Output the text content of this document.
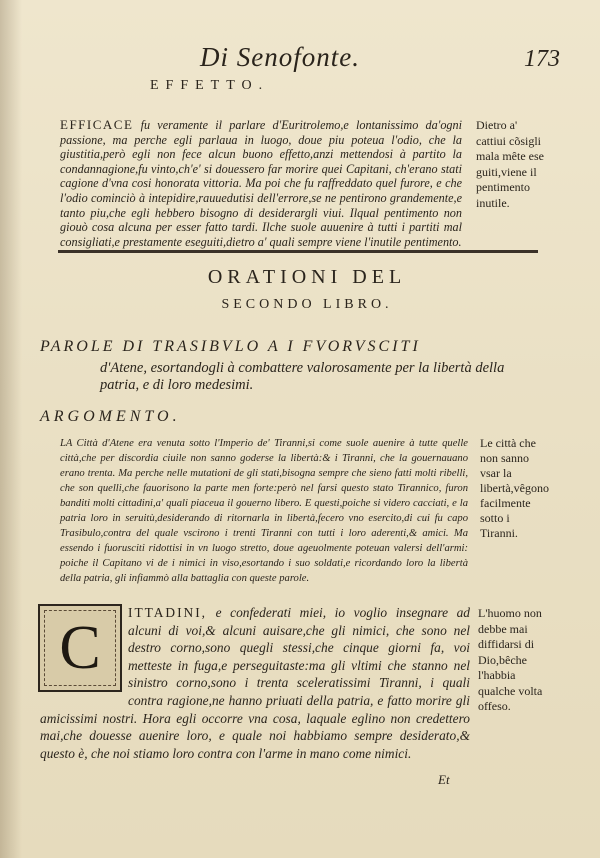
Di Senofonte.	173
EFFETTO.
EFFICACE fu veramente il parlare d'Euritrolemo,e lontanissimo da'ogni passione, ma perche egli parlaua in luogo, doue piu poteua l'odio, che la giustitia,però egli non fece alcun buono effetto,anzi mettendosi à partito la condannagione,fu vinto,ch'e' si douessero far morire quei Capitani, ch'erano stati cagione d'vna cosi honorata vittoria. Ma poi che fu raffreddato quel furore, e che l'odio cominciò à intepidire,rauuedutisi dell'errore,se ne pentirono grandemente,e tanto piu,che egli hebbero bisogno di desiderargli viui. Ilqual pentimento non giouò cosa alcuna per esser fatto tardi. Ilche suole auuenire à tutti i partiti mal consigliati,e prestamente eseguiti,dietro a' quali sempre viene l'inutile pentimento.
Dietro a' cattiui cõsigli mala mête ese guiti,viene il pentimento inutile.
ORATIONI DEL
SECONDO LIBRO.
PAROLE DI TRASIBVLO A I FVORVSCITI
d'Atene, esortandogli à combattere valorosamente per la libertà della patria, e di loro medesimi.
ARGOMENTO.
LA Città d'Atene era venuta sotto l'Imperio de' Tiranni,si come suole auenire à tutte quelle città,che per discordia ciuile non sanno goderse la libertà:& i Tiranni, che la gouernauano erano trenta. Ma perche nelle mutationi de gli stati,bisogna sempre che sieno fatti molti ribelli, che son quelli,che fauorisono la parte men forte:però nel farsi questo stato Tirannico, furon banditi molti cittadini,a' quali piaceua il gouerno libero. E questi,poiche si videro cacciati, e la patria loro in seruitù,desiderando di ritornarla in libertà,fecero vno esercito,di cui fu capo Trasibulo,contra del quale vscirono i trenti Tiranni con tutti i loro aderenti,& amici. Ma essendo i fuorusciti ridottisi in vn luogo stretto, doue ageuolmente poteuan valersi dell'armi: poiche il Capitano vi de i nimici in viso,esortando i suo soldati,e ricordando loro la libertà della patria, gli infiammò alla battaglia con queste parole.
Le città che non sanno vsar la libertà,vêgono facilmente sotto i Tiranni.
C
ITTADINI, e confederati miei, io voglio insegnare ad alcuni di voi,& alcuni auisare,che gli nimici, che sono nel destro corno,sono quegli stessi,che cinque giorni fa, voi metteste in fuga,e perseguitaste:ma gli vltimi che stanno nel sinistro corno,sono i trenta sceleratissimi Tiranni, i quali contra ragione,ne hanno priuati della patria, e fatto morire gli amicissimi nostri. Hora egli occorre vna cosa, laquale eglino non credettero mai,che douesse auenire loro, e quale noi habbiamo sempre desiderato,& questo è, che noi stiamo loro contra con l'arme in mano come nimici.
L'huomo non debbe mai diffidarsi di Dio,bêche l'habbia qualche volta offeso.
Et
